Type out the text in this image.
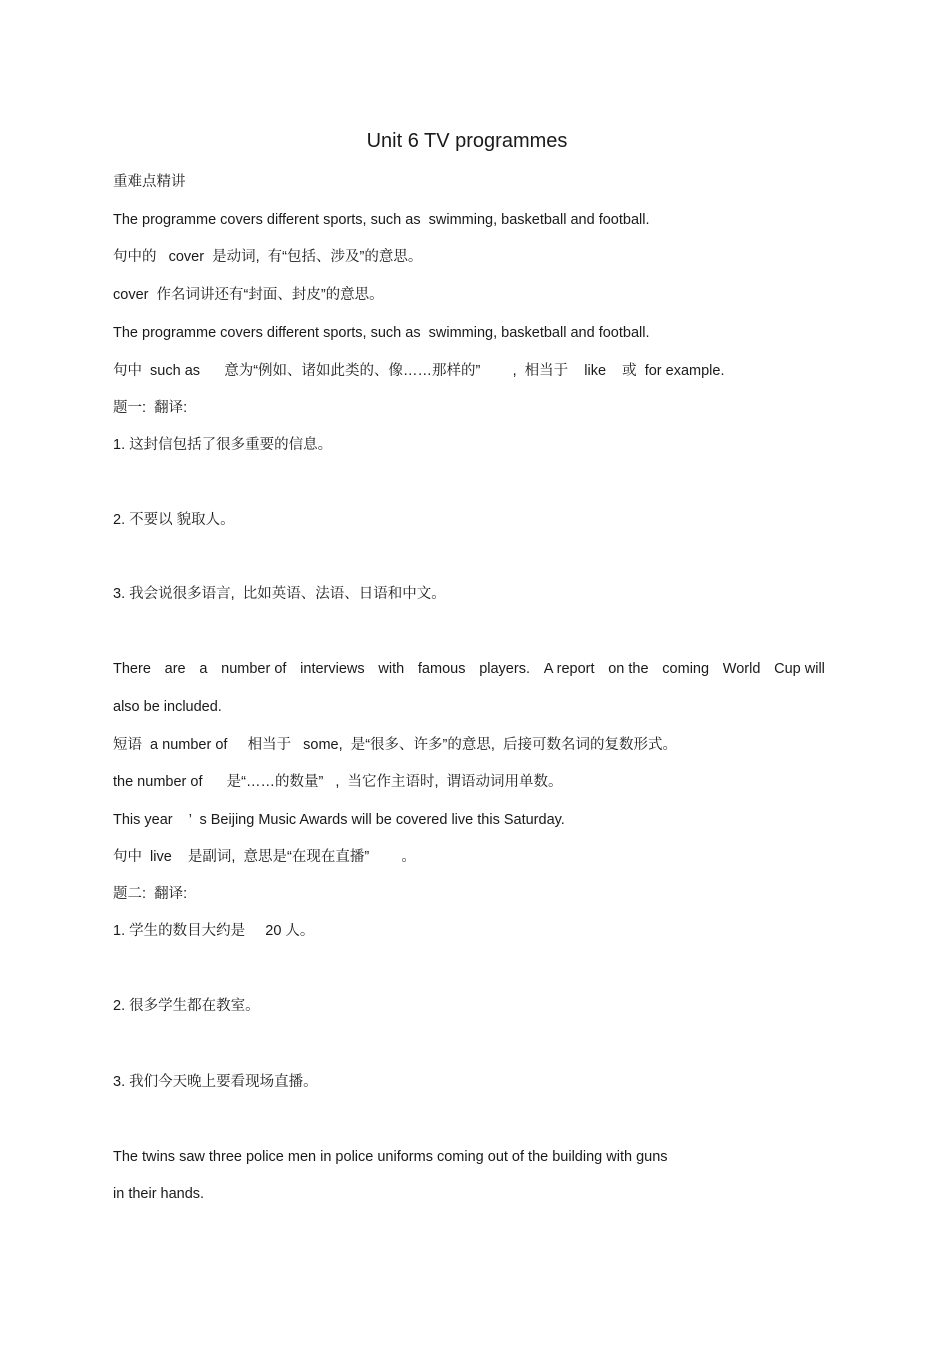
Unit 6 TV programmes
重难点精讲
The programme covers different sports, such as  swimming, basketball and football.
句中的   cover  是动词,  有“包括、涉及”的意思。
cover  作名词讲还有“封面、封皮”的意思。
The programme covers different sports, such as  swimming, basketball and football.
句中  such as      意为“例如、诸如此类的、像……那样的”        ,  相当于    like    或  for example.
题一:  翻译:
1. 这封信包括了很多重要的信息。
2. 不要以 貌取人。
3. 我会说很多语言,  比如英语、法语、日语和中文。
There are a number of interviews with famous players. A report on the coming World Cup will
also be included.
短语  a number of     相当于   some,  是“很多、许多”的意思,  后接可数名词的复数形式。
the number of      是“……的数量”   ,  当它作主语时,  谓语动词用单数。
This year    ’  s Beijing Music Awards will be covered live this Saturday.
句中  live    是副词,  意思是“在现在直播”        。
题二:  翻译:
1. 学生的数目大约是     20 人。
2. 很多学生都在教室。
3. 我们今天晚上要看现场直播。
The twins saw three police men in police uniforms coming out of the building with guns
in their hands.
